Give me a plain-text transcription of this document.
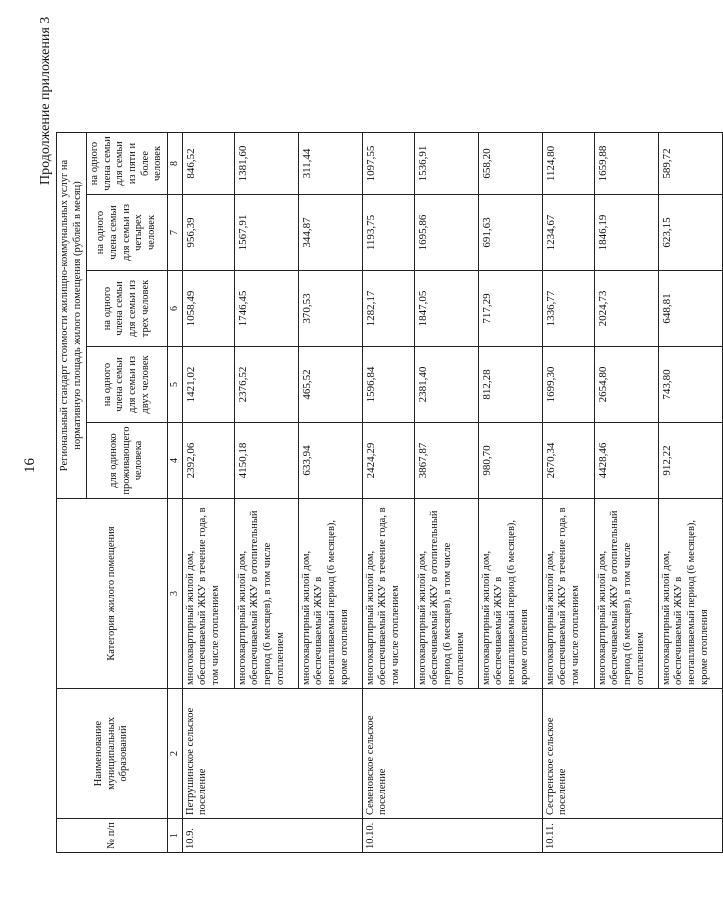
16
Продолжение приложения 3
№ п/п	Наименование муниципальных образований	Категория жилого помещения	Региональный стандарт стоимости жилищно-коммунальных услуг на нормативную площадь жилого помещения (рублей в месяц)				
			для одиноко проживающего человека	на одного члена семьи для семьи из двух человек	на одного члена семьи для семьи из трех человек	на одного члена семьи для семьи из четырех человек	на одного члена семьи для семьи из пяти и более человек
1	2	3	4	5	6	7	8
10.9.	Петрушинское сельское поселение	многоквартирный жилой дом, обеспечиваемый ЖКУ в течение года, в том числе отоплением	2392,06	1421,02	1058,49	956,39	846,52
		многоквартирный жилой дом, обеспечиваемый ЖКУ в отопительный период (6 месяцев), в том числе отоплением	4150,18	2376,52	1746,45	1567,91	1381,60
		многоквартирный жилой дом, обеспечиваемый ЖКУ в неотапливаемый период (6 месяцев), кроме отопления	633,94	465,52	370,53	344,87	311,44
10.10.	Семеновское сельское поселение	многоквартирный жилой дом, обеспечиваемый ЖКУ в течение года, в том числе отоплением	2424,29	1596,84	1282,17	1193,75	1097,55
		многоквартирный жилой дом, обеспечиваемый ЖКУ в отопительный период (6 месяцев), в том числе отоплением	3867,87	2381,40	1847,05	1695,86	1536,91
		многоквартирный жилой дом, обеспечиваемый ЖКУ в неотапливаемый период (6 месяцев), кроме отопления	980,70	812,28	717,29	691,63	658,20
10.11.	Сестренское сельское поселение	многоквартирный жилой дом, обеспечиваемый ЖКУ в течение года, в том числе отоплением	2670,34	1699,30	1336,77	1234,67	1124,80
		многоквартирный жилой дом, обеспечиваемый ЖКУ в отопительный период (6 месяцев), в том числе отоплением	4428,46	2654,80	2024,73	1846,19	1659,88
		многоквартирный жилой дом, обеспечиваемый ЖКУ в неотапливаемый период (6 месяцев), кроме отопления	912,22	743,80	648,81	623,15	589,72
